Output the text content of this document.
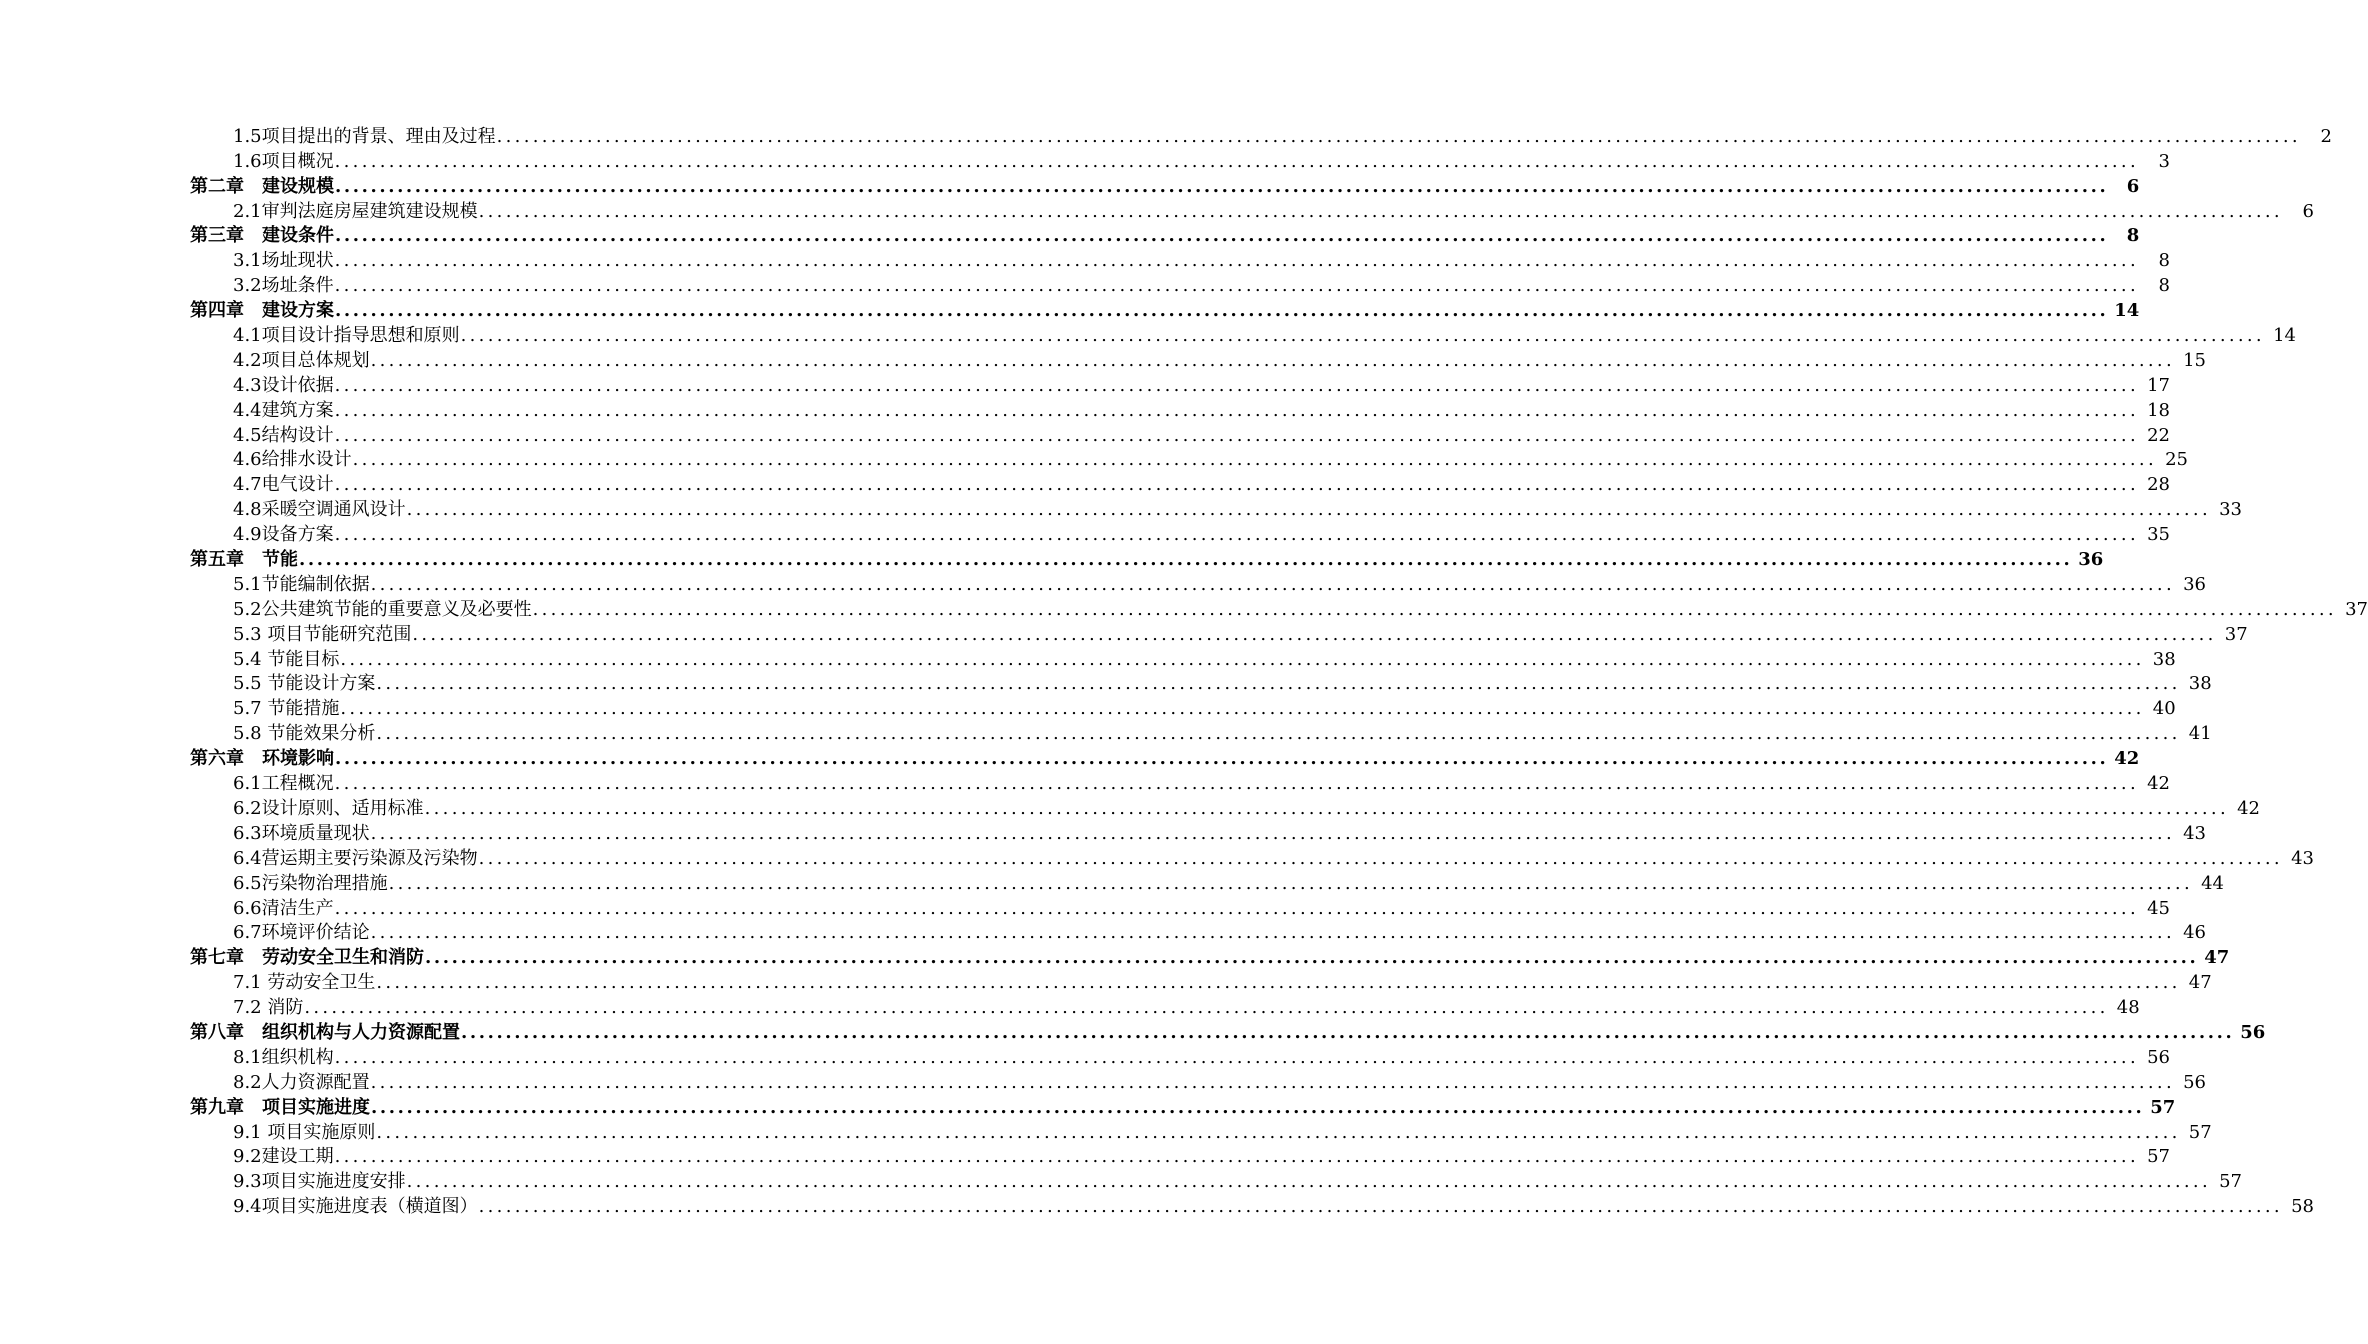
1.5项目提出的背景、理由及过程 ........................................................................................................................................................................................................	2
1.6项目概况 ........................................................................................................................................................................................................	3
第二章　建设规模 ........................................................................................................................................................................................................	6
2.1审判法庭房屋建筑建设规模 ........................................................................................................................................................................................................	6
第三章　建设条件 ........................................................................................................................................................................................................	8
3.1场址现状 ........................................................................................................................................................................................................	8
3.2场址条件 ........................................................................................................................................................................................................	8
第四章　建设方案 ........................................................................................................................................................................................................ 14
4.1项目设计指导思想和原则 ........................................................................................................................................................................................................ 14
4.2项目总体规划 ........................................................................................................................................................................................................ 15
4.3设计依据 ........................................................................................................................................................................................................ 17
4.4建筑方案 ........................................................................................................................................................................................................ 18
4.5结构设计 ........................................................................................................................................................................................................ 22
4.6给排水设计 ........................................................................................................................................................................................................ 25
4.7电气设计 ........................................................................................................................................................................................................ 28
4.8采暖空调通风设计 ........................................................................................................................................................................................................ 33
4.9设备方案 ........................................................................................................................................................................................................ 35
第五章　节能 ........................................................................................................................................................................................................ 36
5.1节能编制依据 ........................................................................................................................................................................................................ 36
5.2公共建筑节能的重要意义及必要性 ........................................................................................................................................................................................................ 37
5.3 项目节能研究范围 ........................................................................................................................................................................................................ 37
5.4 节能目标 ........................................................................................................................................................................................................ 38
5.5 节能设计方案 ........................................................................................................................................................................................................ 38
5.7 节能措施 ........................................................................................................................................................................................................ 40
5.8 节能效果分析 ........................................................................................................................................................................................................ 41
第六章　环境影响 ........................................................................................................................................................................................................ 42
6.1工程概况 ........................................................................................................................................................................................................ 42
6.2设计原则、适用标准 ........................................................................................................................................................................................................ 42
6.3环境质量现状 ........................................................................................................................................................................................................ 43
6.4营运期主要污染源及污染物 ........................................................................................................................................................................................................ 43
6.5污染物治理措施 ........................................................................................................................................................................................................ 44
6.6清洁生产 ........................................................................................................................................................................................................ 45
6.7环境评价结论 ........................................................................................................................................................................................................ 46
第七章　劳动安全卫生和消防 ........................................................................................................................................................................................................ 47
7.1 劳动安全卫生 ........................................................................................................................................................................................................ 47
7.2 消防 ........................................................................................................................................................................................................ 48
第八章　组织机构与人力资源配置 ........................................................................................................................................................................................................ 56
8.1组织机构 ........................................................................................................................................................................................................ 56
8.2人力资源配置 ........................................................................................................................................................................................................ 56
第九章　项目实施进度 ........................................................................................................................................................................................................ 57
9.1 项目实施原则 ........................................................................................................................................................................................................ 57
9.2建设工期 ........................................................................................................................................................................................................ 57
9.3项目实施进度安排 ........................................................................................................................................................................................................ 57
9.4项目实施进度表（横道图） ........................................................................................................................................................................................................ 58
